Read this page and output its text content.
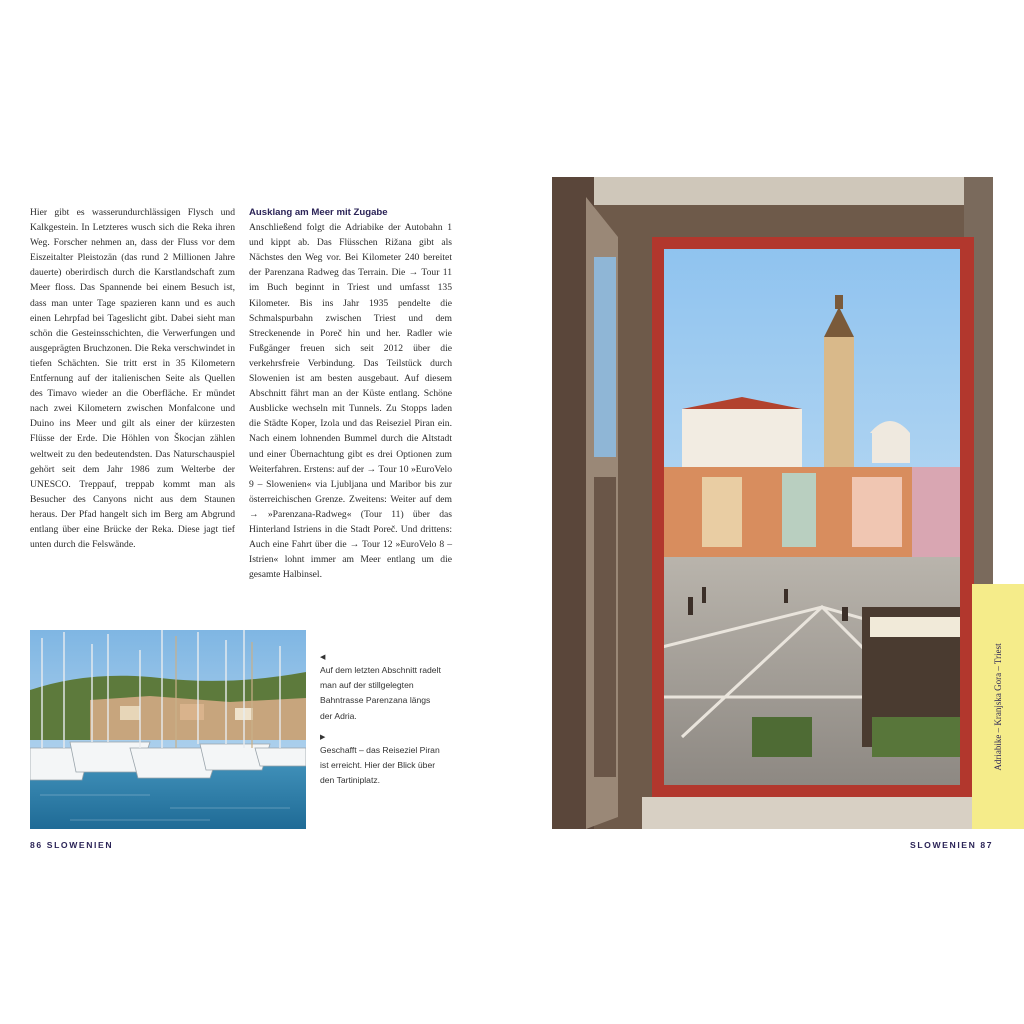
Hier gibt es wasserundurchlässigen Flysch und Kalkgestein. In Letzteres wusch sich die Reka ihren Weg. Forscher nehmen an, dass der Fluss vor dem Eiszeitalter Pleistozän (das rund 2 Millionen Jahre dauerte) oberirdisch durch die Karstlandschaft zum Meer floss. Das Spannende bei einem Besuch ist, dass man unter Tage spazieren kann und es auch einen Lehrpfad bei Tageslicht gibt. Dabei sieht man schön die Gesteinsschichten, die Verwerfungen und ausgeprägten Bruchzonen. Die Reka verschwindet in tiefen Schächten. Sie tritt erst in 35 Kilometern Entfernung auf der italienischen Seite als Quellen des Timavo wieder an die Oberfläche. Er mündet nach zwei Kilometern zwischen Monfalcone und Duino ins Meer und gilt als einer der kürzesten Flüsse der Erde. Die Höhlen von Škocjan zählen weltweit zu den bedeutendsten. Das Naturschauspiel gehört seit dem Jahr 1986 zum Welterbe der UNESCO. Treppauf, treppab kommt man als Besucher des Canyons nicht aus dem Staunen heraus. Der Pfad hangelt sich im Berg am Abgrund entlang über eine Brücke der Reka. Diese jagt tief unten durch die Felswände.

Ausklang am Meer mit Zugabe

Anschließend folgt die Adriabike der Autobahn 1 und kippt ab. Das Flüsschen Rižana gibt als Nächstes den Weg vor. Bei Kilometer 240 bereitet der Parenzana Radweg das Terrain. Die → Tour 11 im Buch beginnt in Triest und umfasst 135 Kilometer. Bis ins Jahr 1935 pendelte die Schmalspurbahn zwischen Triest und dem Streckenende in Poreč hin und her. Radler wie Fußgänger freuen sich seit 2012 über die verkehrsfreie Verbindung. Das Teilstück durch Slowenien ist am besten ausgebaut. Auf diesem Abschnitt fährt man an der Küste entlang. Schöne Ausblicke wechseln mit Tunnels. Zu Stopps laden die Städte Koper, Izola und das Reiseziel Piran ein. Nach einem lohnenden Bummel durch die Altstadt und einer Übernachtung gibt es drei Optionen zum Weiterfahren. Erstens: auf der → Tour 10 »EuroVelo 9 – Slowenien« via Ljubljana und Maribor bis zur österreichischen Grenze. Zweitens: Weiter auf dem → »Parenzana-Radweg« (Tour 11) über das Hinterland Istriens in die Stadt Poreč. Und drittens: Auch eine Fahrt über die → Tour 12 »EuroVelo 8 – Istrien« lohnt immer am Meer entlang um die gesamte Halbinsel.

◀
Auf dem letzten Abschnitt radelt man auf der stillgelegten Bahntrasse Parenzana längs der Adria.
▶
Geschafft – das Reiseziel Piran ist erreicht. Hier der Blick über den Tartiniplatz.
Adriabike – Kranjska Gora – Triest
86 SLOWENIEN	SLOWENIEN 87
